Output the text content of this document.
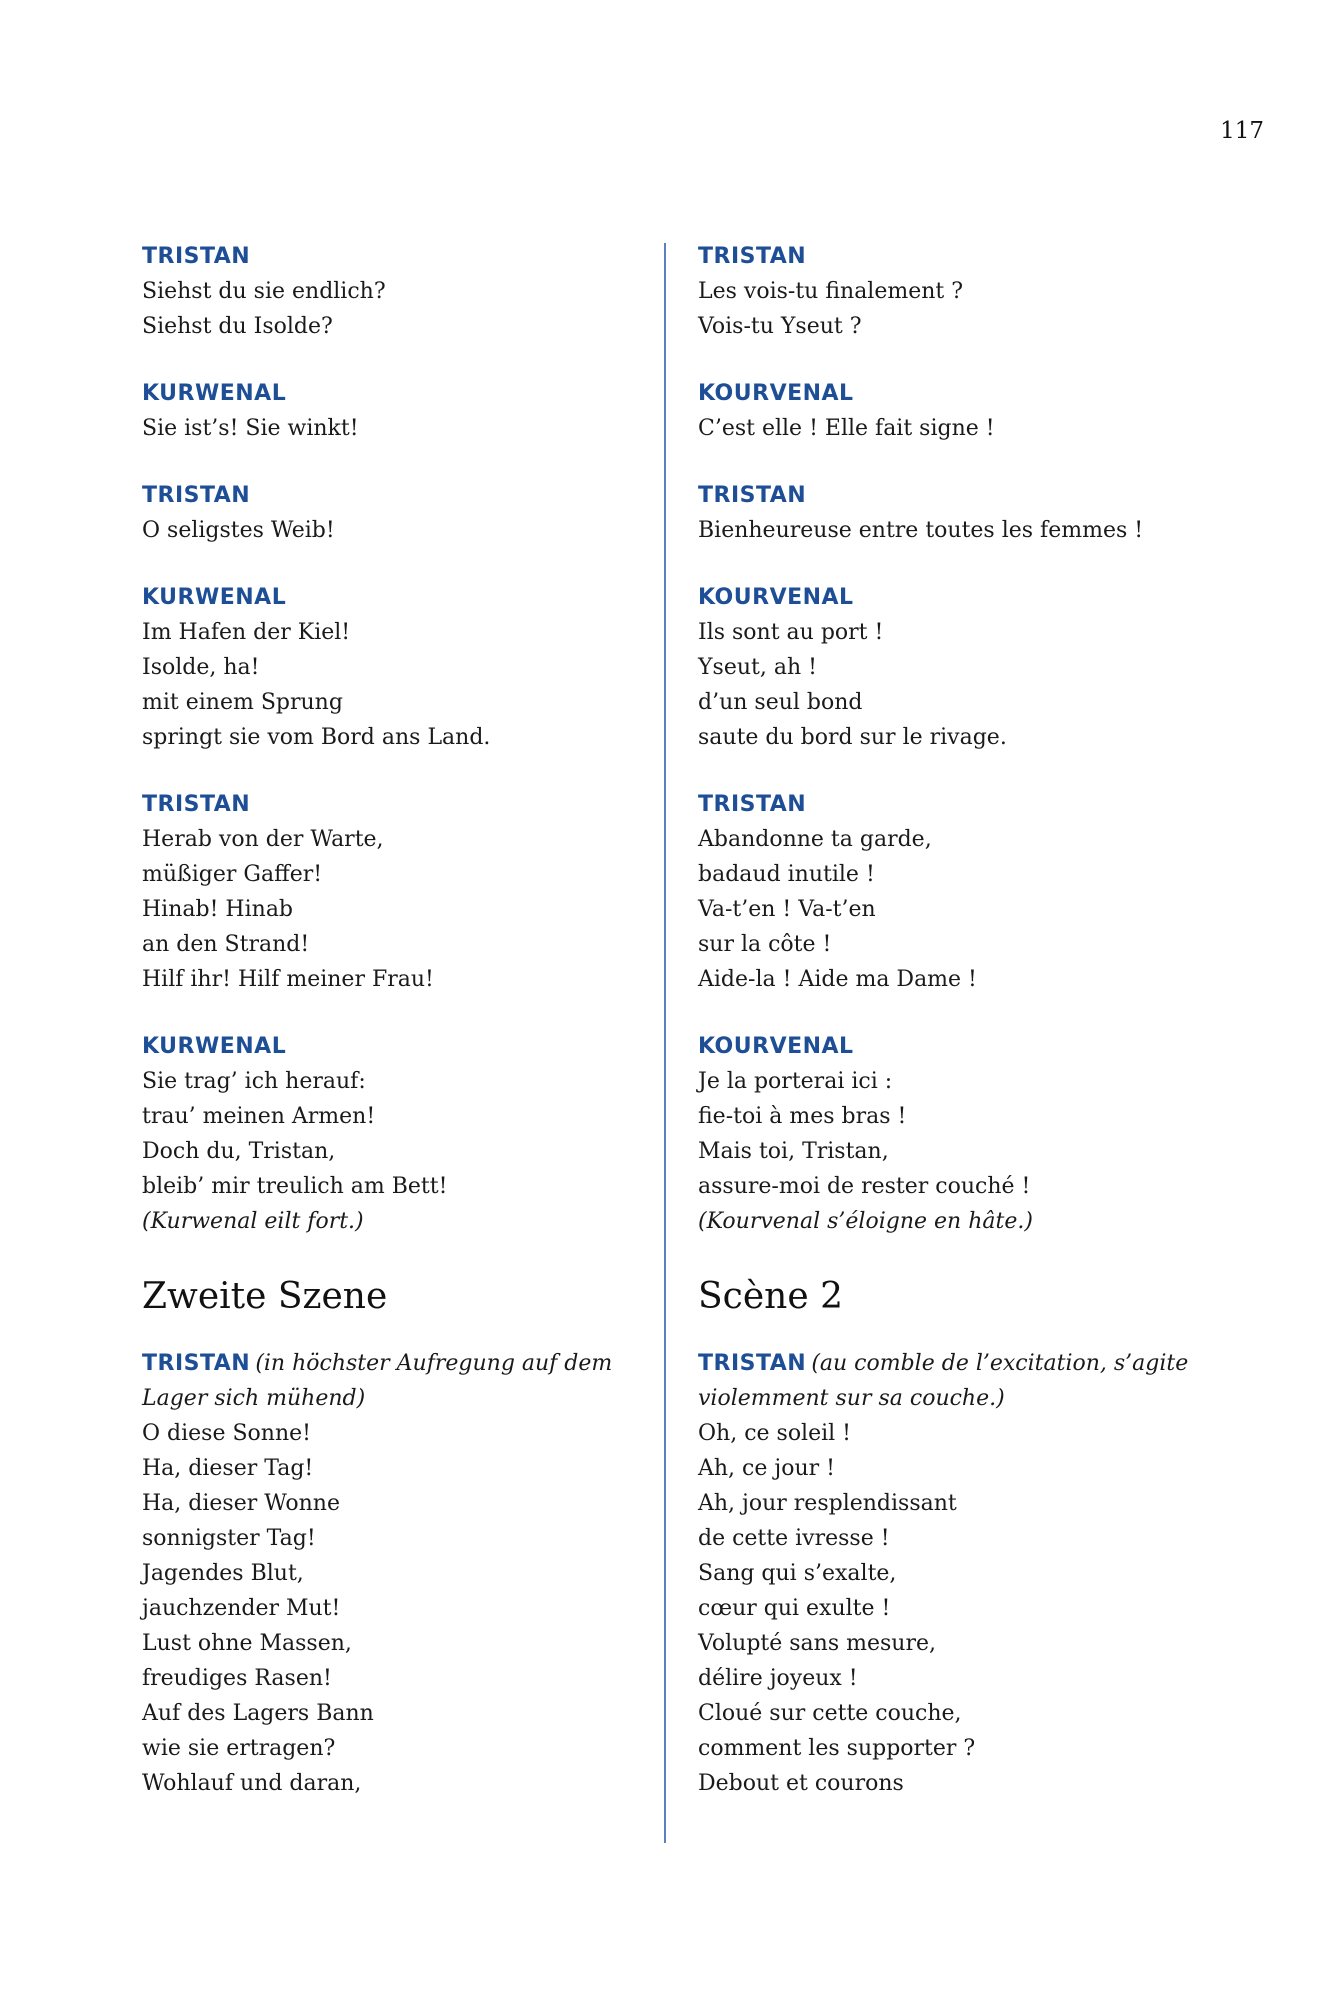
117
TRISTAN
Siehst du sie endlich?
Siehst du Isolde?
KURWENAL
Sie ist’s! Sie winkt!
TRISTAN
O seligstes Weib!
KURWENAL
Im Hafen der Kiel!
Isolde, ha!
mit einem Sprung
springt sie vom Bord ans Land.
TRISTAN
Herab von der Warte,
müßiger Gaffer!
Hinab! Hinab
an den Strand!
Hilf ihr! Hilf meiner Frau!
KURWENAL
Sie trag’ ich herauf:
trau’ meinen Armen!
Doch du, Tristan,
bleib’ mir treulich am Bett!
(Kurwenal eilt fort.)
Zweite Szene
TRISTAN (in höchster Aufregung auf dem
Lager sich mühend)
O diese Sonne!
Ha, dieser Tag!
Ha, dieser Wonne
sonnigster Tag!
Jagendes Blut,
jauchzender Mut!
Lust ohne Massen,
freudiges Rasen!
Auf des Lagers Bann
wie sie ertragen?
Wohlauf und daran,
TRISTAN
Les vois-tu finalement ?
Vois-tu Yseut ?
KOURVENAL
C’est elle ! Elle fait signe !
TRISTAN
Bienheureuse entre toutes les femmes !
KOURVENAL
Ils sont au port !
Yseut, ah !
d’un seul bond
saute du bord sur le rivage.
TRISTAN
Abandonne ta garde,
badaud inutile !
Va-t’en ! Va-t’en
sur la côte !
Aide-la ! Aide ma Dame !
KOURVENAL
Je la porterai ici :
fie-toi à mes bras !
Mais toi, Tristan,
assure-moi de rester couché !
(Kourvenal s’éloigne en hâte.)
Scène 2
TRISTAN (au comble de l’excitation, s’agite
violemment sur sa couche.)
Oh, ce soleil !
Ah, ce jour !
Ah, jour resplendissant
de cette ivresse !
Sang qui s’exalte,
cœur qui exulte !
Volupté sans mesure,
délire joyeux !
Cloué sur cette couche,
comment les supporter ?
Debout et courons
